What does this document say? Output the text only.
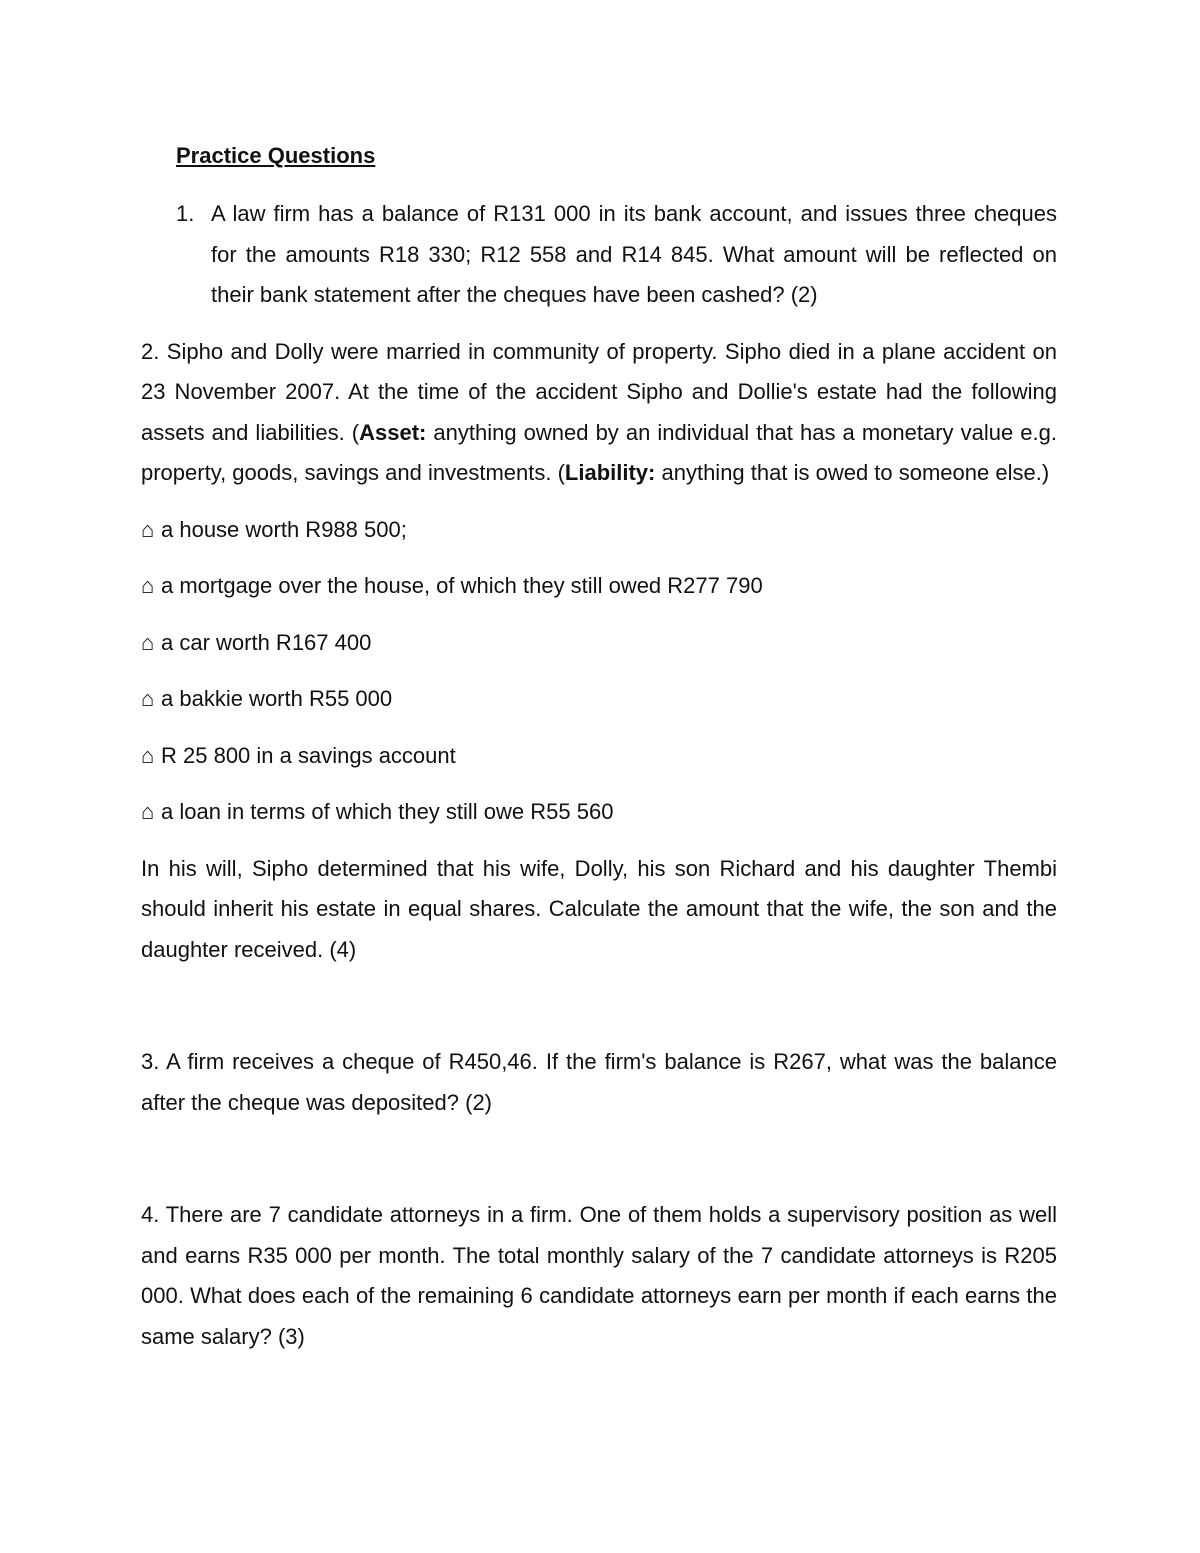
Practice Questions

1. A law firm has a balance of R131 000 in its bank account, and issues three cheques for the amounts R18 330; R12 558 and R14 845. What amount will be reflected on their bank statement after the cheques have been cashed? (2)

2. Sipho and Dolly were married in community of property. Sipho died in a plane accident on 23 November 2007. At the time of the accident Sipho and Dollie's estate had the following assets and liabilities. (Asset: anything owned by an individual that has a monetary value e.g. property, goods, savings and investments. (Liability: anything that is owed to someone else.)

⌂ a house worth R988 500;

⌂ a mortgage over the house, of which they still owed R277 790

⌂ a car worth R167 400

⌂ a bakkie worth R55 000

⌂ R 25 800 in a savings account

⌂ a loan in terms of which they still owe R55 560

In his will, Sipho determined that his wife, Dolly, his son Richard and his daughter Thembi should inherit his estate in equal shares. Calculate the amount that the wife, the son and the daughter received. (4)

3. A firm receives a cheque of R450,46. If the firm's balance is R267, what was the balance after the cheque was deposited? (2)

4. There are 7 candidate attorneys in a firm. One of them holds a supervisory position as well and earns R35 000 per month. The total monthly salary of the 7 candidate attorneys is R205 000. What does each of the remaining 6 candidate attorneys earn per month if each earns the same salary? (3)
